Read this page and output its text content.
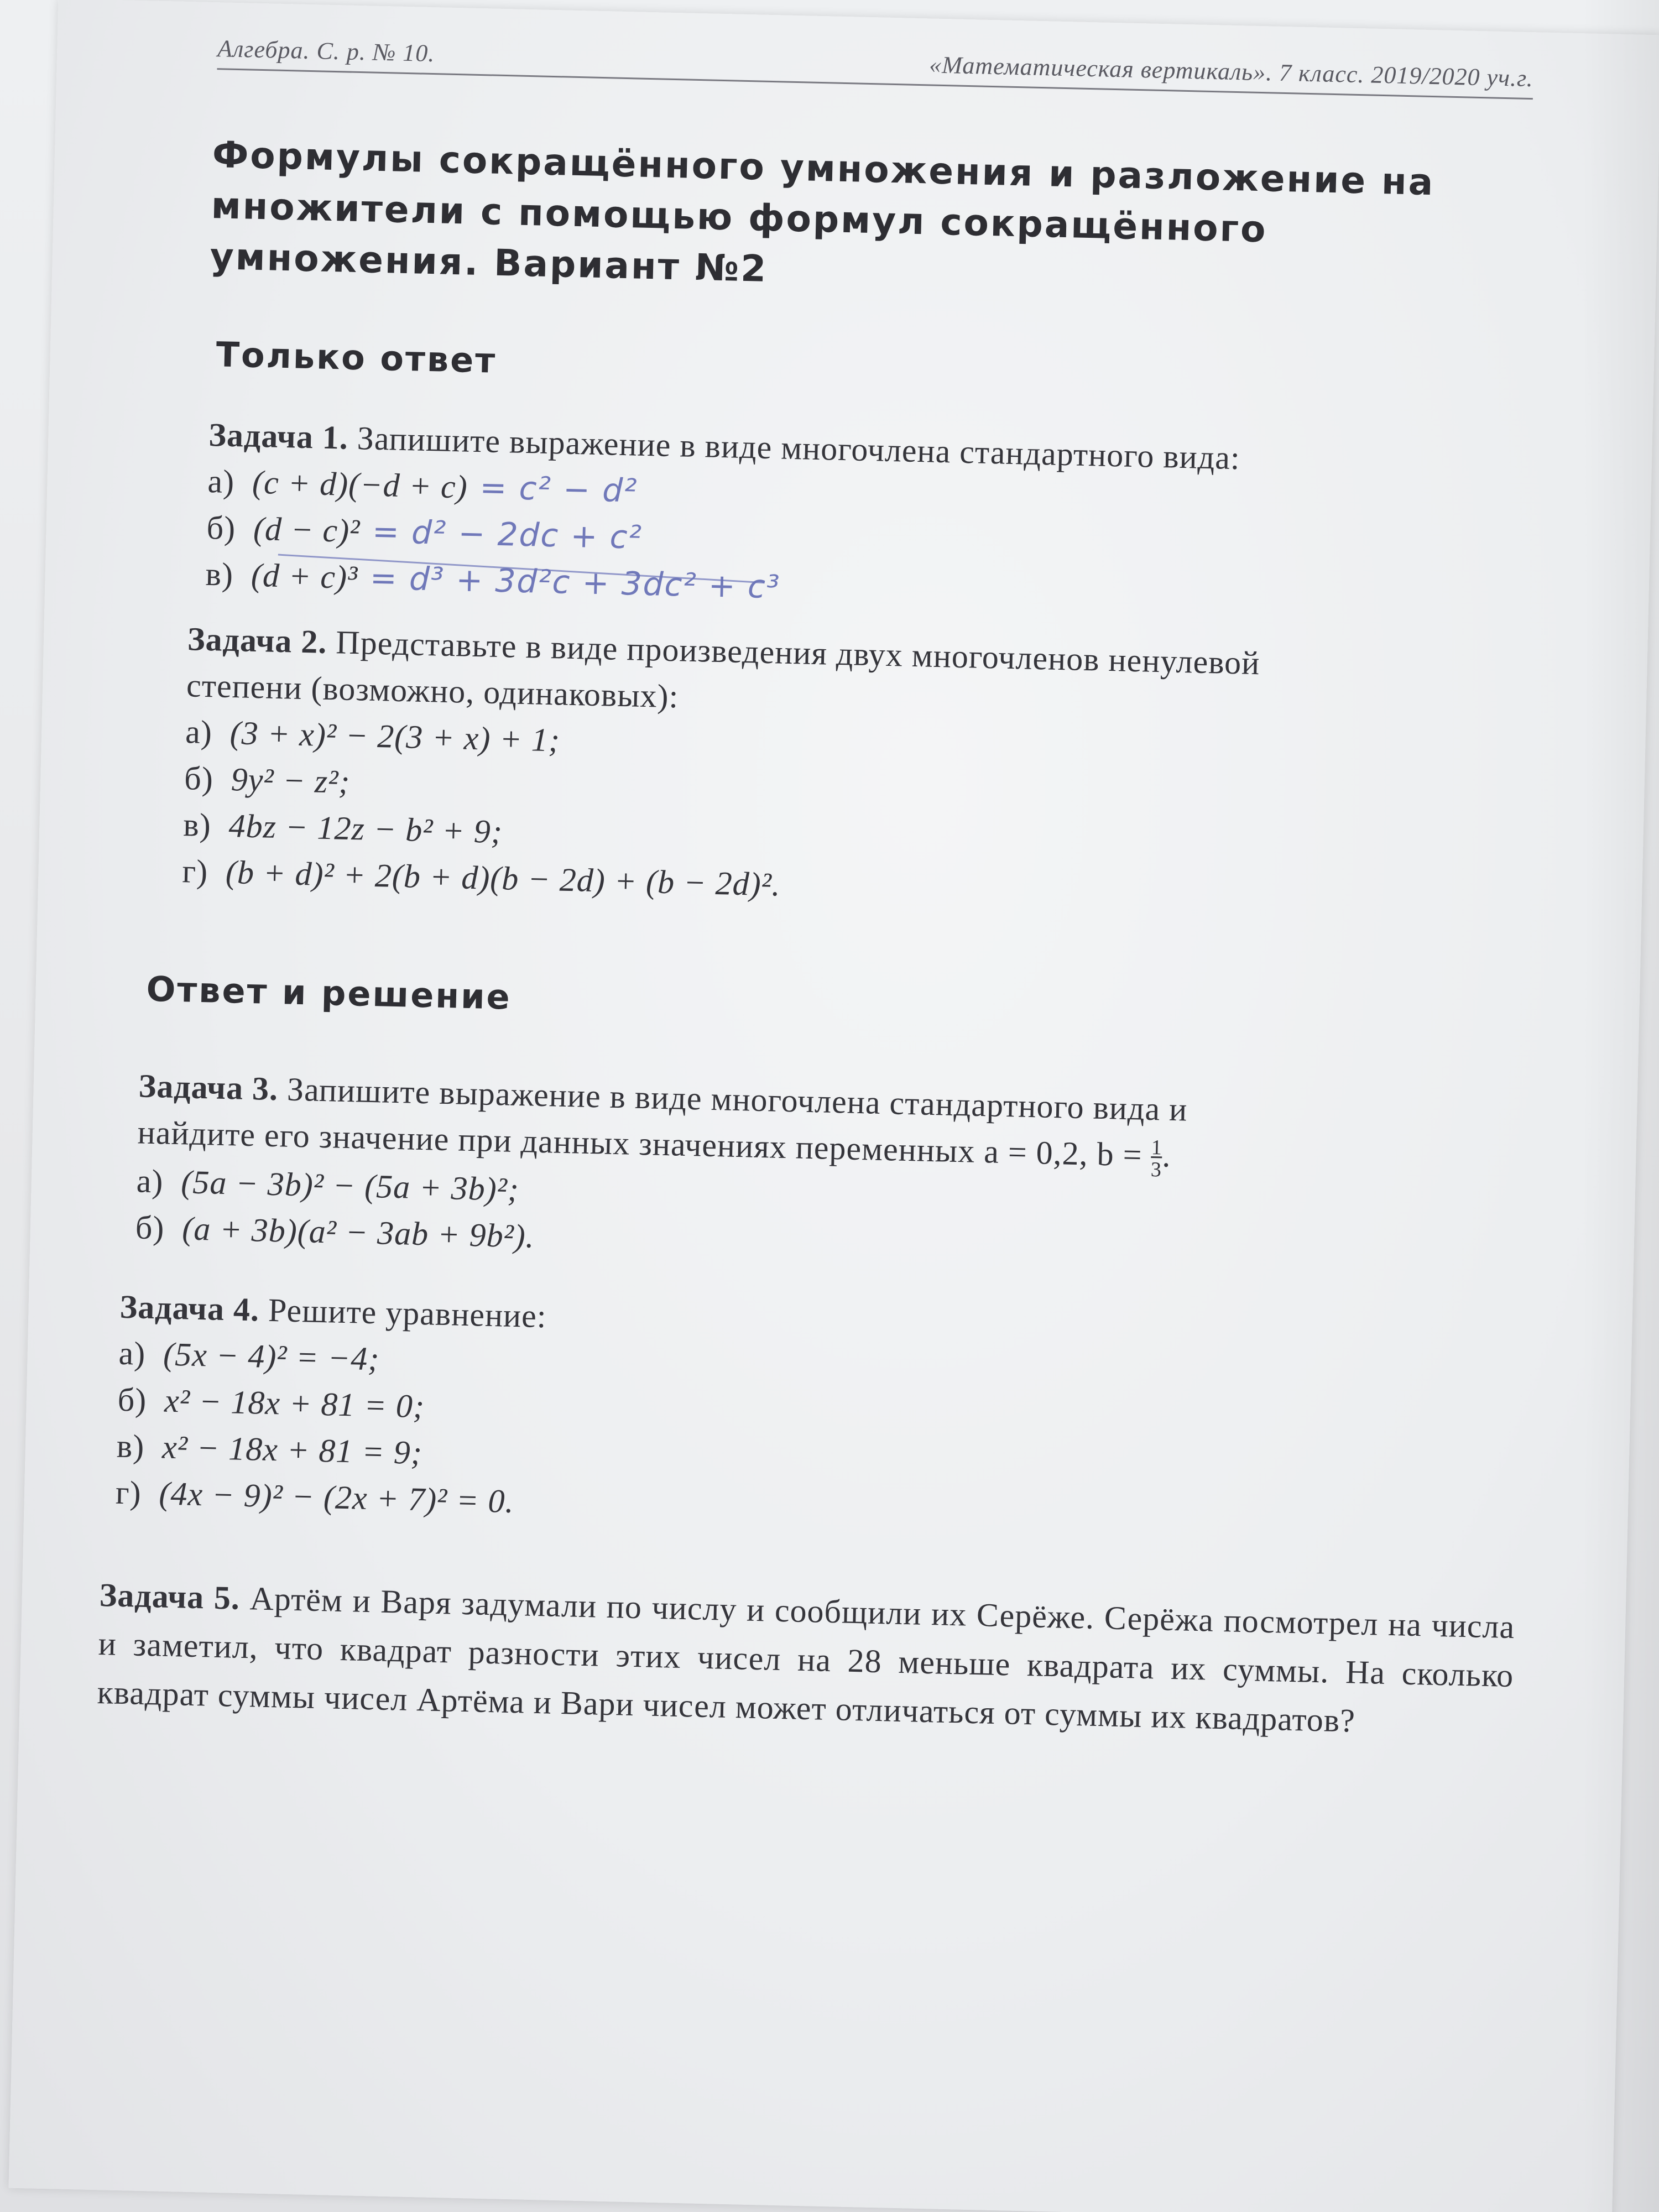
Алгебра. С. р. № 10.
«Математическая вертикаль». 7 класс. 2019/2020 уч.г.
Формулы сокращённого умножения и разложение на
множители с помощью формул сокращённого
умножения. Вариант №2
Только ответ
Задача 1. Запишите выражение в виде многочлена стандартного вида:
а) (c + d)(−d + c) = c² − d²
б) (d − c)² = d² − 2dc + c²
в) (d + c)³ = d³ + 3d²c + 3dc² + c³
Задача 2. Представьте в виде произведения двух многочленов ненулевой
степени (возможно, одинаковых):
а) (3 + x)² − 2(3 + x) + 1;
б) 9y² − z²;
в) 4bz − 12z − b² + 9;
г) (b + d)² + 2(b + d)(b − 2d) + (b − 2d)².
Ответ и решение
Задача 3. Запишите выражение в виде многочлена стандартного вида и
найдите его значение при данных значениях переменных a = 0,2, $b = \frac{1}{3}$.
а) (5a − 3b)² − (5a + 3b)²;
б) (a + 3b)(a² − 3ab + 9b²).
Задача 4. Решите уравнение:
а) (5x − 4)² = −4;
б) x² − 18x + 81 = 0;
в) x² − 18x + 81 = 9;
г) (4x − 9)² − (2x + 7)² = 0.
Задача 5. Артём и Варя задумали по числу и сообщили их Серёже. Серёжа посмотрел на числа и заметил, что квадрат разности этих чисел на 28 меньше квадрата их суммы. На сколько квадрат суммы чисел Артёма и Вари чисел может отличаться от суммы их квадратов?
